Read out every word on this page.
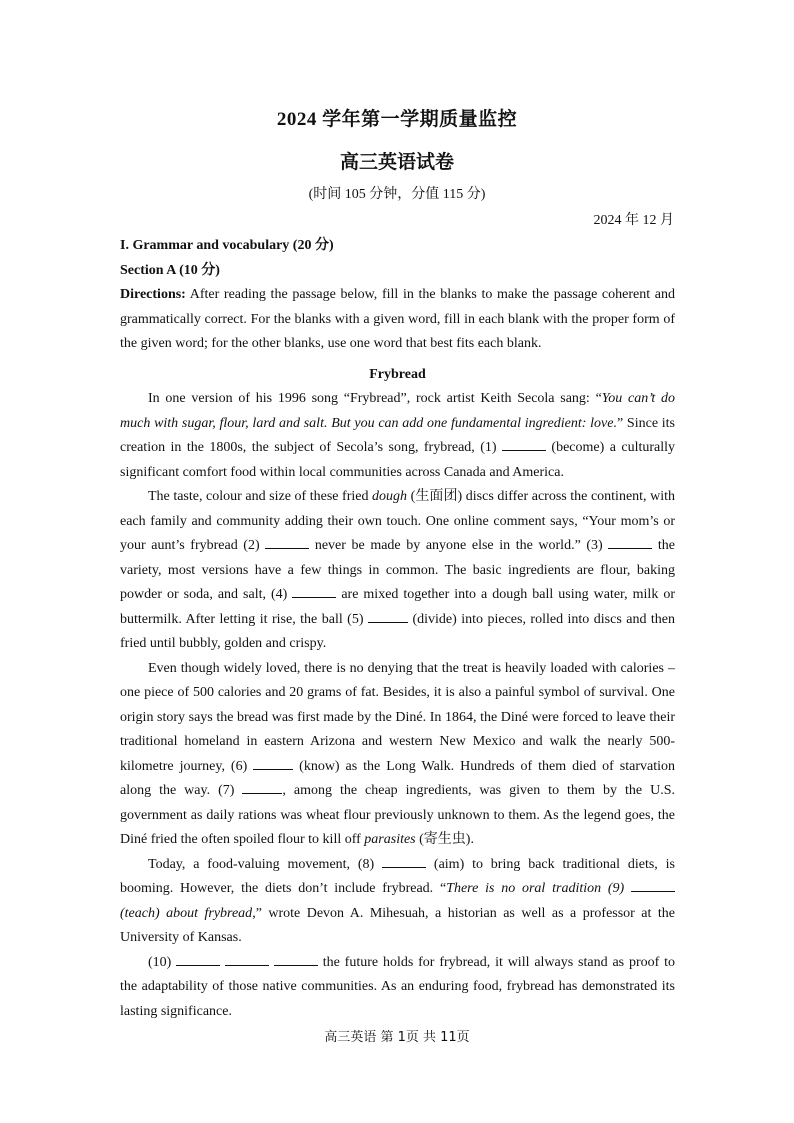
2024 学年第一学期质量监控
高三英语试卷
(时间 105 分钟，分值 115 分)
2024 年 12 月

I. Grammar and vocabulary (20 分)

Section A (10 分)

Directions: After reading the passage below, fill in the blanks to make the passage coherent and grammatically correct. For the blanks with a given word, fill in each blank with the proper form of the given word; for the other blanks, use one word that best fits each blank.

Frybread

In one version of his 1996 song “Frybread”, rock artist Keith Secola sang: “You can’t do much with sugar, flour, lard and salt. But you can add one fundamental ingredient: love.” Since its creation in the 1800s, the subject of Secola’s song, frybread, (1)	(become) a culturally significant comfort food within local communities across Canada and America.

The taste, colour and size of these fried dough (生面团) discs differ across the continent, with each family and community adding their own touch. One online comment says, “Your mom’s or your aunt’s frybread (2)	never be made by anyone else in the world.” (3)	the variety, most versions have a few things in common. The basic ingredients are flour, baking powder or soda, and salt, (4)	are mixed together into a dough ball using water, milk or buttermilk. After letting it rise, the ball (5)	(divide) into pieces, rolled into discs and then fried until bubbly, golden and crispy.

Even though widely loved, there is no denying that the treat is heavily loaded with calories – one piece of 500 calories and 20 grams of fat. Besides, it is also a painful symbol of survival. One origin story says the bread was first made by the Diné. In 1864, the Diné were forced to leave their traditional homeland in eastern Arizona and western New Mexico and walk the nearly 500-kilometre journey, (6)	(know) as the Long Walk. Hundreds of them died of starvation along the way. (7)	, among the cheap ingredients, was given to them by the U.S. government as daily rations was wheat flour previously unknown to them. As the legend goes, the Diné fried the often spoiled flour to kill off parasites (寄生虫).

Today, a food-valuing movement, (8)	(aim) to bring back traditional diets, is booming. However, the diets don’t include frybread. “There is no oral tradition (9)  (teach) about frybread,” wrote Devon A. Mihesuah, a historian as well as a professor at the University of Kansas.

(10)	the future holds for frybread, it will always stand as proof to the adaptability of those native communities. As an enduring food, frybread has demonstrated its lasting significance.

高三英语 第 1页 共 11页
